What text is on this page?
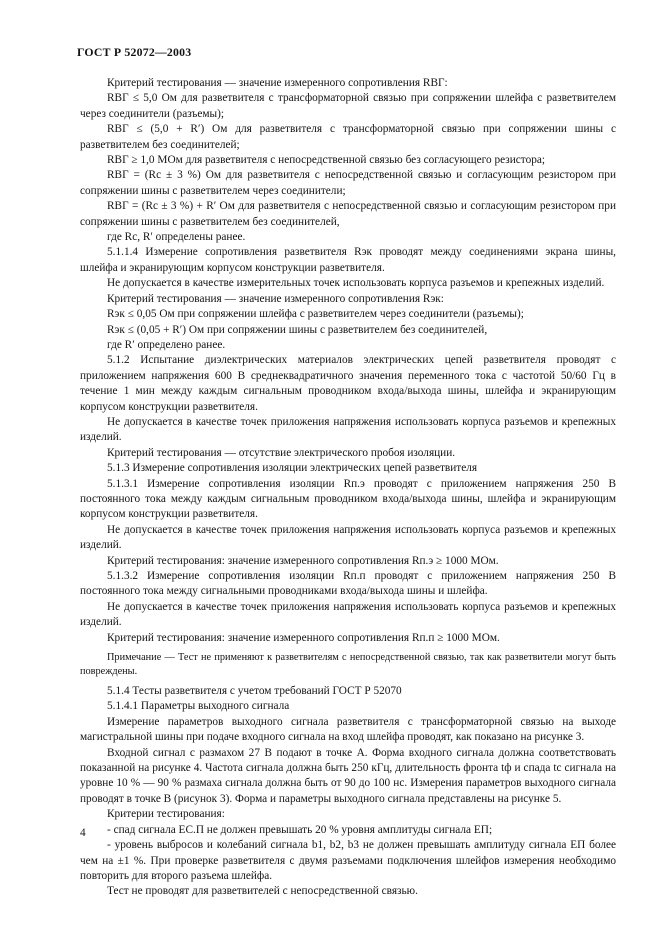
ГОСТ Р 52072—2003

Критерий тестирования — значение измеренного сопротивления RBГ:

RBГ ≤ 5,0 Ом для разветвителя с трансформаторной связью при сопряжении шлейфа с разветвителем через соединители (разъемы);

RBГ ≤ (5,0 + R′) Ом для разветвителя с трансформаторной связью при сопряжении шины с разветвителем без соединителей;

RBГ ≥ 1,0 МОм для разветвителя с непосредственной связью без согласующего резистора;

RBГ = (Rc ± 3 %) Ом для разветвителя с непосредственной связью и согласующим резистором при сопряжении шины с разветвителем через соединители;

RBГ = (Rc ± 3 %) + R′ Ом для разветвителя с непосредственной связью и согласующим резистором при сопряжении шины с разветвителем без соединителей,

где Rc, R′ определены ранее.

5.1.1.4 Измерение сопротивления разветвителя Rэк проводят между соединениями экрана шины, шлейфа и экранирующим корпусом конструкции разветвителя.

Не допускается в качестве измерительных точек использовать корпуса разъемов и крепежных изделий.

Критерий тестирования — значение измеренного сопротивления Rэк:

Rэк ≤ 0,05 Ом при сопряжении шлейфа с разветвителем через соединители (разъемы);

Rэк ≤ (0,05 + R′) Ом при сопряжении шины с разветвителем без соединителей,

где R′ определено ранее.

5.1.2 Испытание диэлектрических материалов электрических цепей разветвителя проводят с приложением напряжения 600 В среднеквадратичного значения переменного тока с частотой 50/60 Гц в течение 1 мин между каждым сигнальным проводником входа/выхода шины, шлейфа и экранирующим корпусом конструкции разветвителя.

Не допускается в качестве точек приложения напряжения использовать корпуса разъемов и крепежных изделий.

Критерий тестирования — отсутствие электрического пробоя изоляции.

5.1.3 Измерение сопротивления изоляции электрических цепей разветвителя

5.1.3.1 Измерение сопротивления изоляции Rп.э проводят с приложением напряжения 250 В постоянного тока между каждым сигнальным проводником входа/выхода шины, шлейфа и экранирующим корпусом конструкции разветвителя.

Не допускается в качестве точек приложения напряжения использовать корпуса разъемов и крепежных изделий.

Критерий тестирования: значение измеренного сопротивления Rп.э ≥ 1000 МОм.

5.1.3.2 Измерение сопротивления изоляции Rп.п проводят с приложением напряжения 250 В постоянного тока между сигнальными проводниками входа/выхода шины и шлейфа.

Не допускается в качестве точек приложения напряжения использовать корпуса разъемов и крепежных изделий.

Критерий тестирования: значение измеренного сопротивления Rп.п ≥ 1000 МОм.

Примечание — Тест не применяют к разветвителям с непосредственной связью, так как разветвители могут быть повреждены.

5.1.4 Тесты разветвителя с учетом требований ГОСТ Р 52070

5.1.4.1 Параметры выходного сигнала

Измерение параметров выходного сигнала разветвителя с трансформаторной связью на выходе магистральной шины при подаче входного сигнала на вход шлейфа проводят, как показано на рисунке 3.

Входной сигнал с размахом 27 В подают в точке А. Форма входного сигнала должна соответствовать показанной на рисунке 4. Частота сигнала должна быть 250 кГц, длительность фронта tф и спада tc сигнала на уровне 10 % — 90 % размаха сигнала должна быть от 90 до 100 нс. Измерения параметров выходного сигнала проводят в точке В (рисунок 3). Форма и параметры выходного сигнала представлены на рисунке 5.

Критерии тестирования:

- спад сигнала EC.П не должен превышать 20 % уровня амплитуды сигнала EП;

- уровень выбросов и колебаний сигнала b1, b2, b3 не должен превышать амплитуду сигнала EП более чем на ±1 %. При проверке разветвителя с двумя разъемами подключения шлейфов измерения необходимо повторить для второго разъема шлейфа.

Тест не проводят для разветвителей с непосредственной связью.

4
